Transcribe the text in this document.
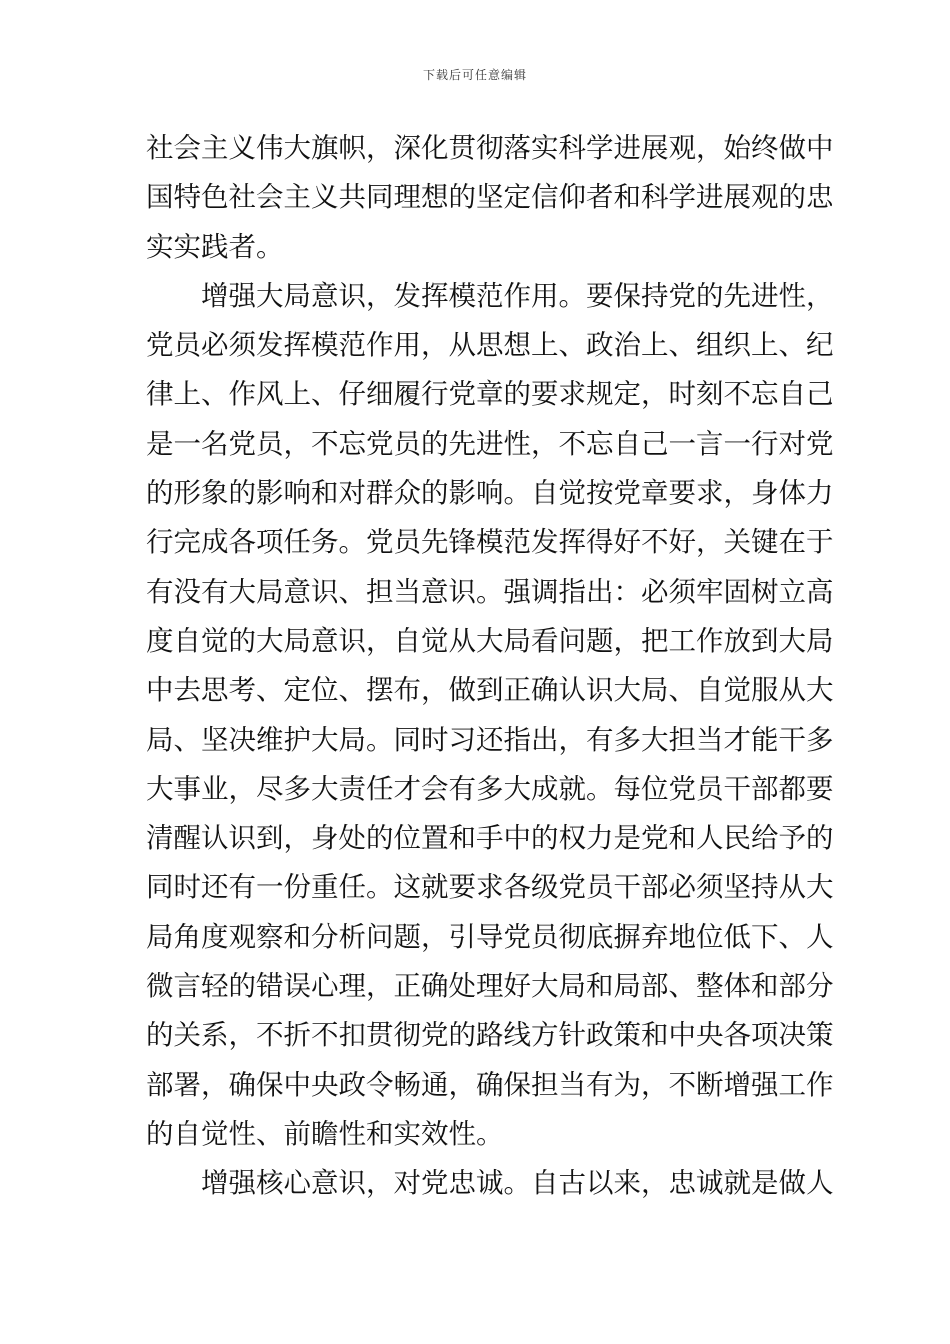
下载后可任意编辑
社会主义伟大旗帜，深化贯彻落实科学进展观，始终做中
国特色社会主义共同理想的坚定信仰者和科学进展观的忠
实实践者。
增强大局意识，发挥模范作用。要保持党的先进性，
党员必须发挥模范作用，从思想上、政治上、组织上、纪
律上、作风上、仔细履行党章的要求规定，时刻不忘自己
是一名党员，不忘党员的先进性，不忘自己一言一行对党
的形象的影响和对群众的影响。自觉按党章要求，身体力
行完成各项任务。党员先锋模范发挥得好不好，关键在于
有没有大局意识、担当意识。强调指出：必须牢固树立高
度自觉的大局意识，自觉从大局看问题，把工作放到大局
中去思考、定位、摆布，做到正确认识大局、自觉服从大
局、坚决维护大局。同时习还指出，有多大担当才能干多
大事业，尽多大责任才会有多大成就。每位党员干部都要
清醒认识到，身处的位置和手中的权力是党和人民给予的
同时还有一份重任。这就要求各级党员干部必须坚持从大
局角度观察和分析问题，引导党员彻底摒弃地位低下、人
微言轻的错误心理，正确处理好大局和局部、整体和部分
的关系，不折不扣贯彻党的路线方针政策和中央各项决策
部署，确保中央政令畅通，确保担当有为，不断增强工作
的自觉性、前瞻性和实效性。
增强核心意识，对党忠诚。自古以来，忠诚就是做人
